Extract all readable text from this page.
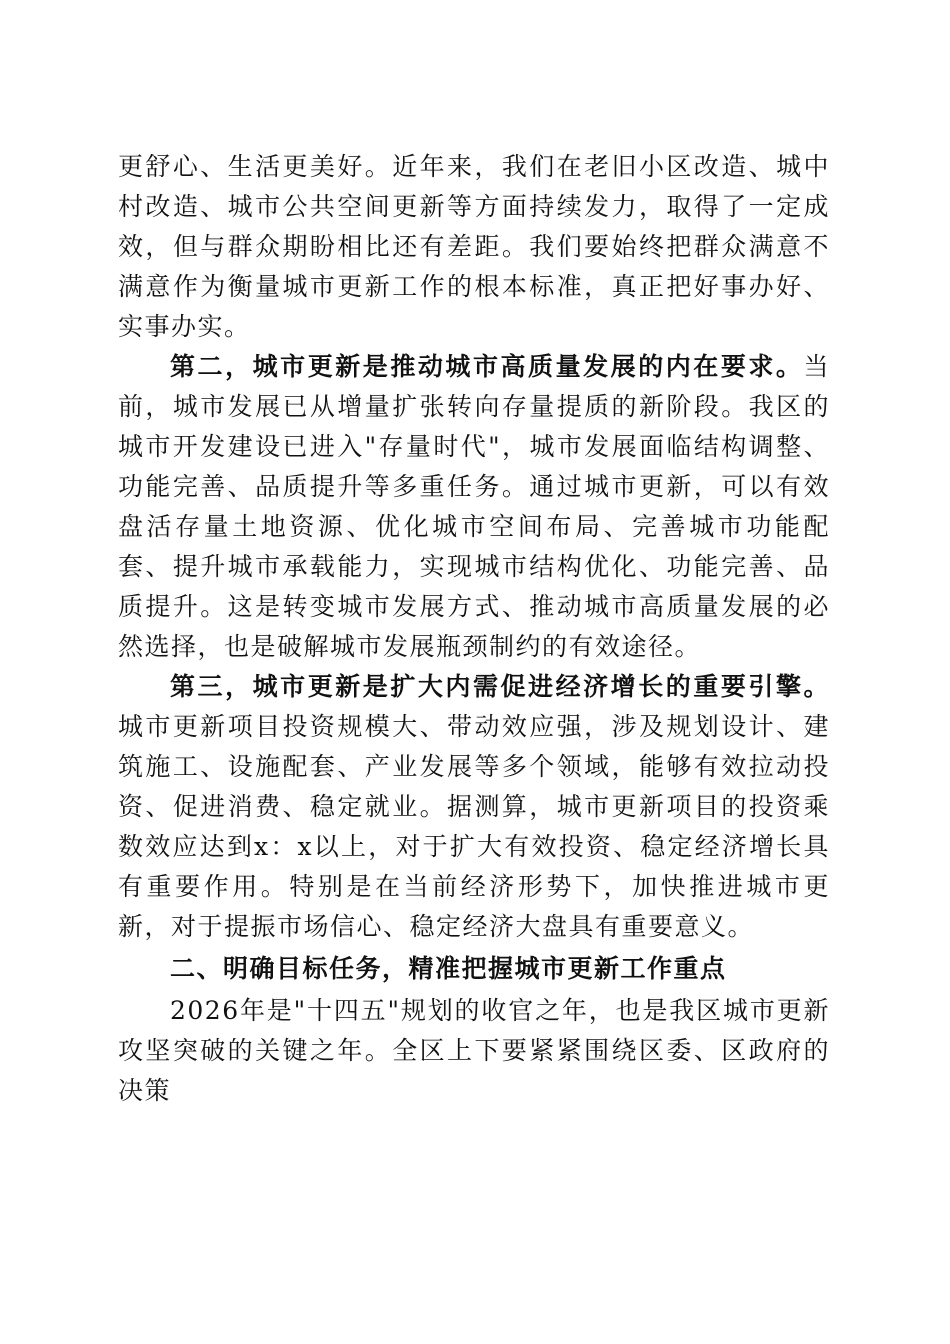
更舒心、生活更美好。近年来，我们在老旧小区改造、城中村改造、城市公共空间更新等方面持续发力，取得了一定成效，但与群众期盼相比还有差距。我们要始终把群众满意不满意作为衡量城市更新工作的根本标准，真正把好事办好、实事办实。

第二，城市更新是推动城市高质量发展的内在要求。当前，城市发展已从增量扩张转向存量提质的新阶段。我区的城市开发建设已进入"存量时代"，城市发展面临结构调整、功能完善、品质提升等多重任务。通过城市更新，可以有效盘活存量土地资源、优化城市空间布局、完善城市功能配套、提升城市承载能力，实现城市结构优化、功能完善、品质提升。这是转变城市发展方式、推动城市高质量发展的必然选择，也是破解城市发展瓶颈制约的有效途径。

第三，城市更新是扩大内需促进经济增长的重要引擎。城市更新项目投资规模大、带动效应强，涉及规划设计、建筑施工、设施配套、产业发展等多个领域，能够有效拉动投资、促进消费、稳定就业。据测算，城市更新项目的投资乘数效应达到x：x以上，对于扩大有效投资、稳定经济增长具有重要作用。特别是在当前经济形势下，加快推进城市更新，对于提振市场信心、稳定经济大盘具有重要意义。

二、明确目标任务，精准把握城市更新工作重点

2026年是"十四五"规划的收官之年，也是我区城市更新攻坚突破的关键之年。全区上下要紧紧围绕区委、区政府的决策
